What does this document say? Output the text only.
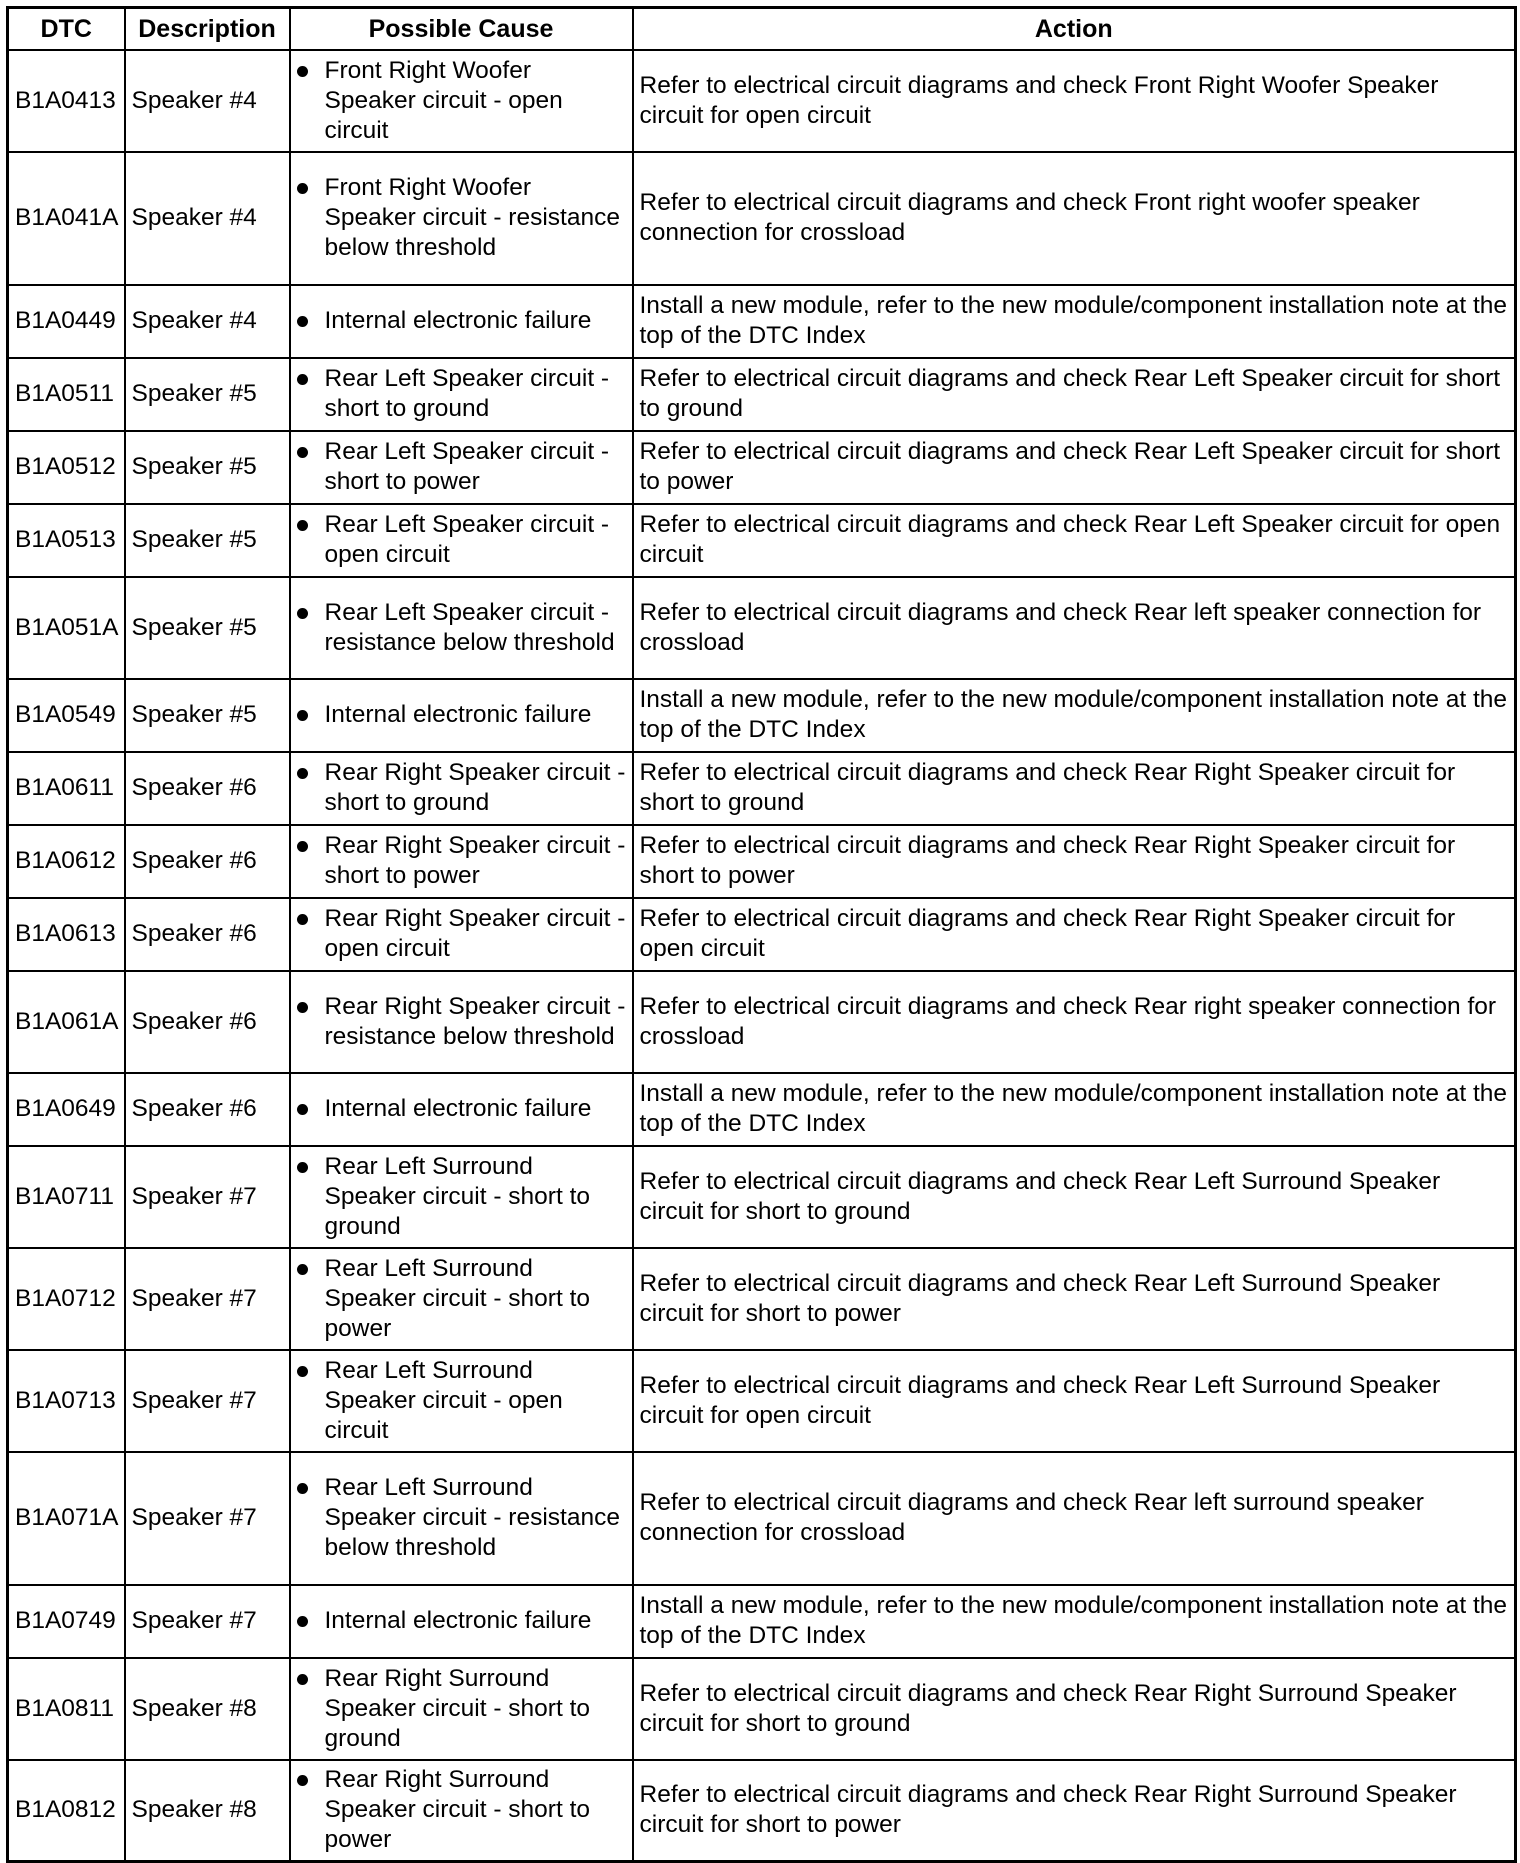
DTC	Description	Possible Cause	Action
B1A0413	Speaker #4	Front Right Woofer Speaker circuit - open circuit	Refer to electrical circuit diagrams and check Front Right Woofer Speaker circuit for open circuit
B1A041A	Speaker #4	Front Right Woofer Speaker circuit - resistance below threshold	Refer to electrical circuit diagrams and check Front right woofer speaker connection for crossload
B1A0449	Speaker #4	Internal electronic failure	Install a new module, refer to the new module/component installation note at the top of the DTC Index
B1A0511	Speaker #5	Rear Left Speaker circuit - short to ground	Refer to electrical circuit diagrams and check Rear Left Speaker circuit for short to ground
B1A0512	Speaker #5	Rear Left Speaker circuit - short to power	Refer to electrical circuit diagrams and check Rear Left Speaker circuit for short to power
B1A0513	Speaker #5	Rear Left Speaker circuit - open circuit	Refer to electrical circuit diagrams and check Rear Left Speaker circuit for open circuit
B1A051A	Speaker #5	Rear Left Speaker circuit - resistance below threshold	Refer to electrical circuit diagrams and check Rear left speaker connection for crossload
B1A0549	Speaker #5	Internal electronic failure	Install a new module, refer to the new module/component installation note at the top of the DTC Index
B1A0611	Speaker #6	Rear Right Speaker circuit - short to ground	Refer to electrical circuit diagrams and check Rear Right Speaker circuit for short to ground
B1A0612	Speaker #6	Rear Right Speaker circuit - short to power	Refer to electrical circuit diagrams and check Rear Right Speaker circuit for short to power
B1A0613	Speaker #6	Rear Right Speaker circuit - open circuit	Refer to electrical circuit diagrams and check Rear Right Speaker circuit for open circuit
B1A061A	Speaker #6	Rear Right Speaker circuit - resistance below threshold	Refer to electrical circuit diagrams and check Rear right speaker connection for crossload
B1A0649	Speaker #6	Internal electronic failure	Install a new module, refer to the new module/component installation note at the top of the DTC Index
B1A0711	Speaker #7	Rear Left Surround Speaker circuit - short to ground	Refer to electrical circuit diagrams and check Rear Left Surround Speaker circuit for short to ground
B1A0712	Speaker #7	Rear Left Surround Speaker circuit - short to power	Refer to electrical circuit diagrams and check Rear Left Surround Speaker circuit for short to power
B1A0713	Speaker #7	Rear Left Surround Speaker circuit - open circuit	Refer to electrical circuit diagrams and check Rear Left Surround Speaker circuit for open circuit
B1A071A	Speaker #7	Rear Left Surround Speaker circuit - resistance below threshold	Refer to electrical circuit diagrams and check Rear left surround speaker connection for crossload
B1A0749	Speaker #7	Internal electronic failure	Install a new module, refer to the new module/component installation note at the top of the DTC Index
B1A0811	Speaker #8	Rear Right Surround Speaker circuit - short to ground	Refer to electrical circuit diagrams and check Rear Right Surround Speaker circuit for short to ground
B1A0812	Speaker #8	Rear Right Surround Speaker circuit - short to power	Refer to electrical circuit diagrams and check Rear Right Surround Speaker circuit for short to power
